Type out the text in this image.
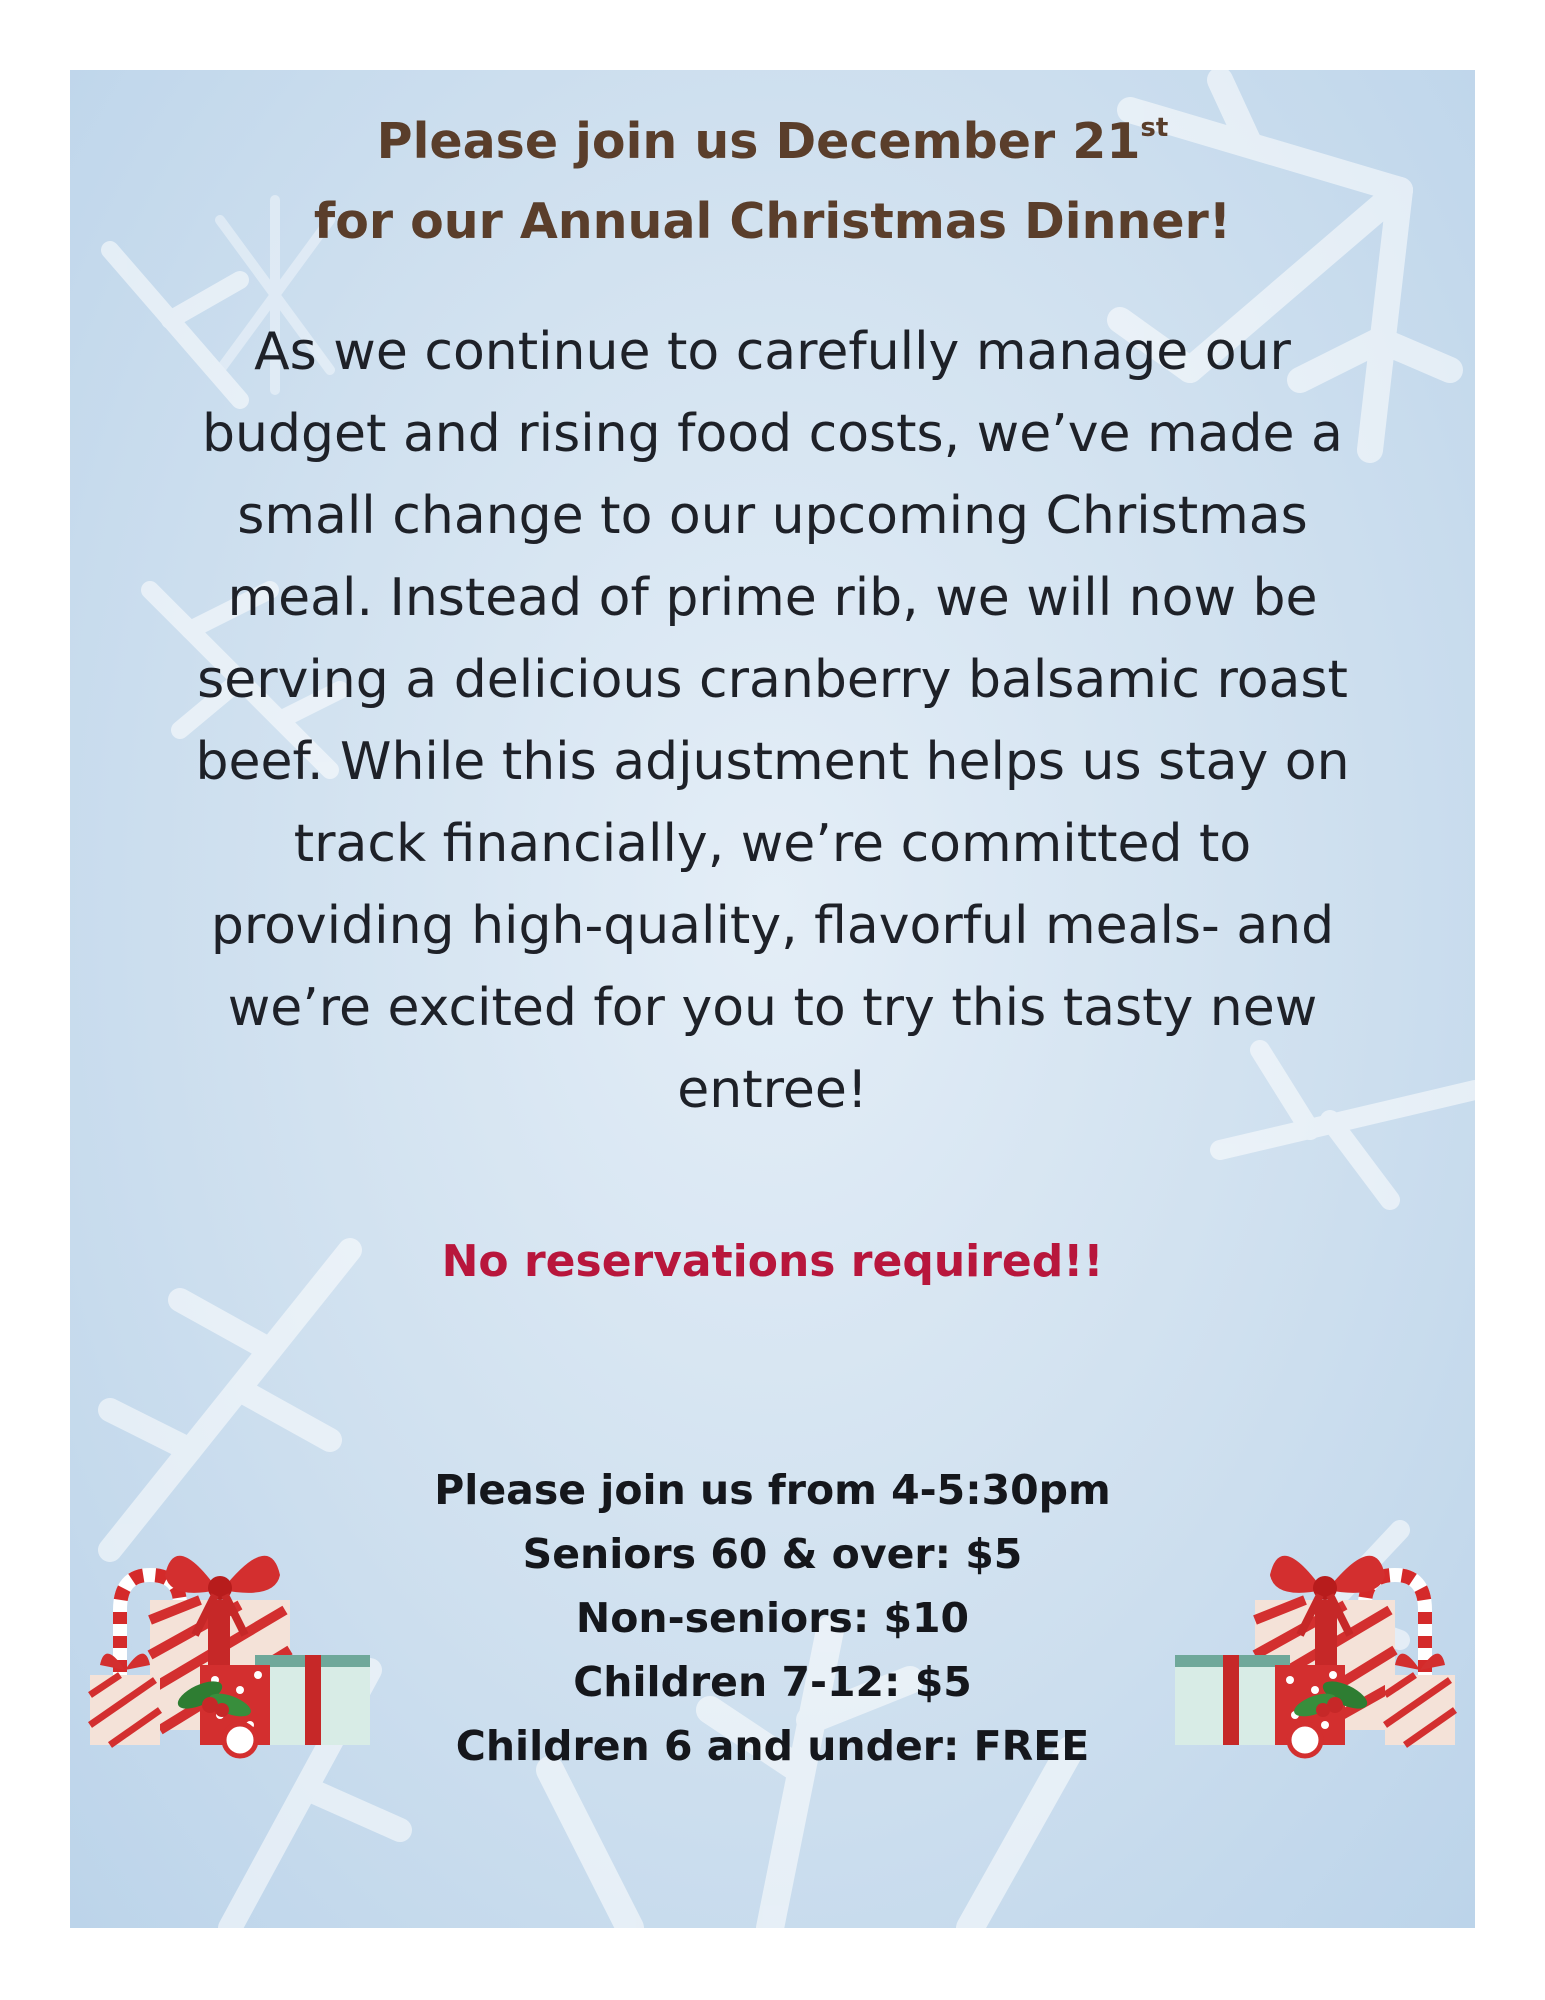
Please join us December 21st
for our Annual Christmas Dinner!
As we continue to carefully manage our
budget and rising food costs, we’ve made a
small change to our upcoming Christmas
meal. Instead of prime rib, we will now be
serving a delicious cranberry balsamic roast
beef. While this adjustment helps us stay on
track financially, we’re committed to
providing high-quality, flavorful meals- and
we’re excited for you to try this tasty new
entree!
No reservations required!!
Please join us from 4-5:30pm
Seniors 60 & over: $5
Non-seniors: $10
Children 7-12: $5
Children 6 and under: FREE
